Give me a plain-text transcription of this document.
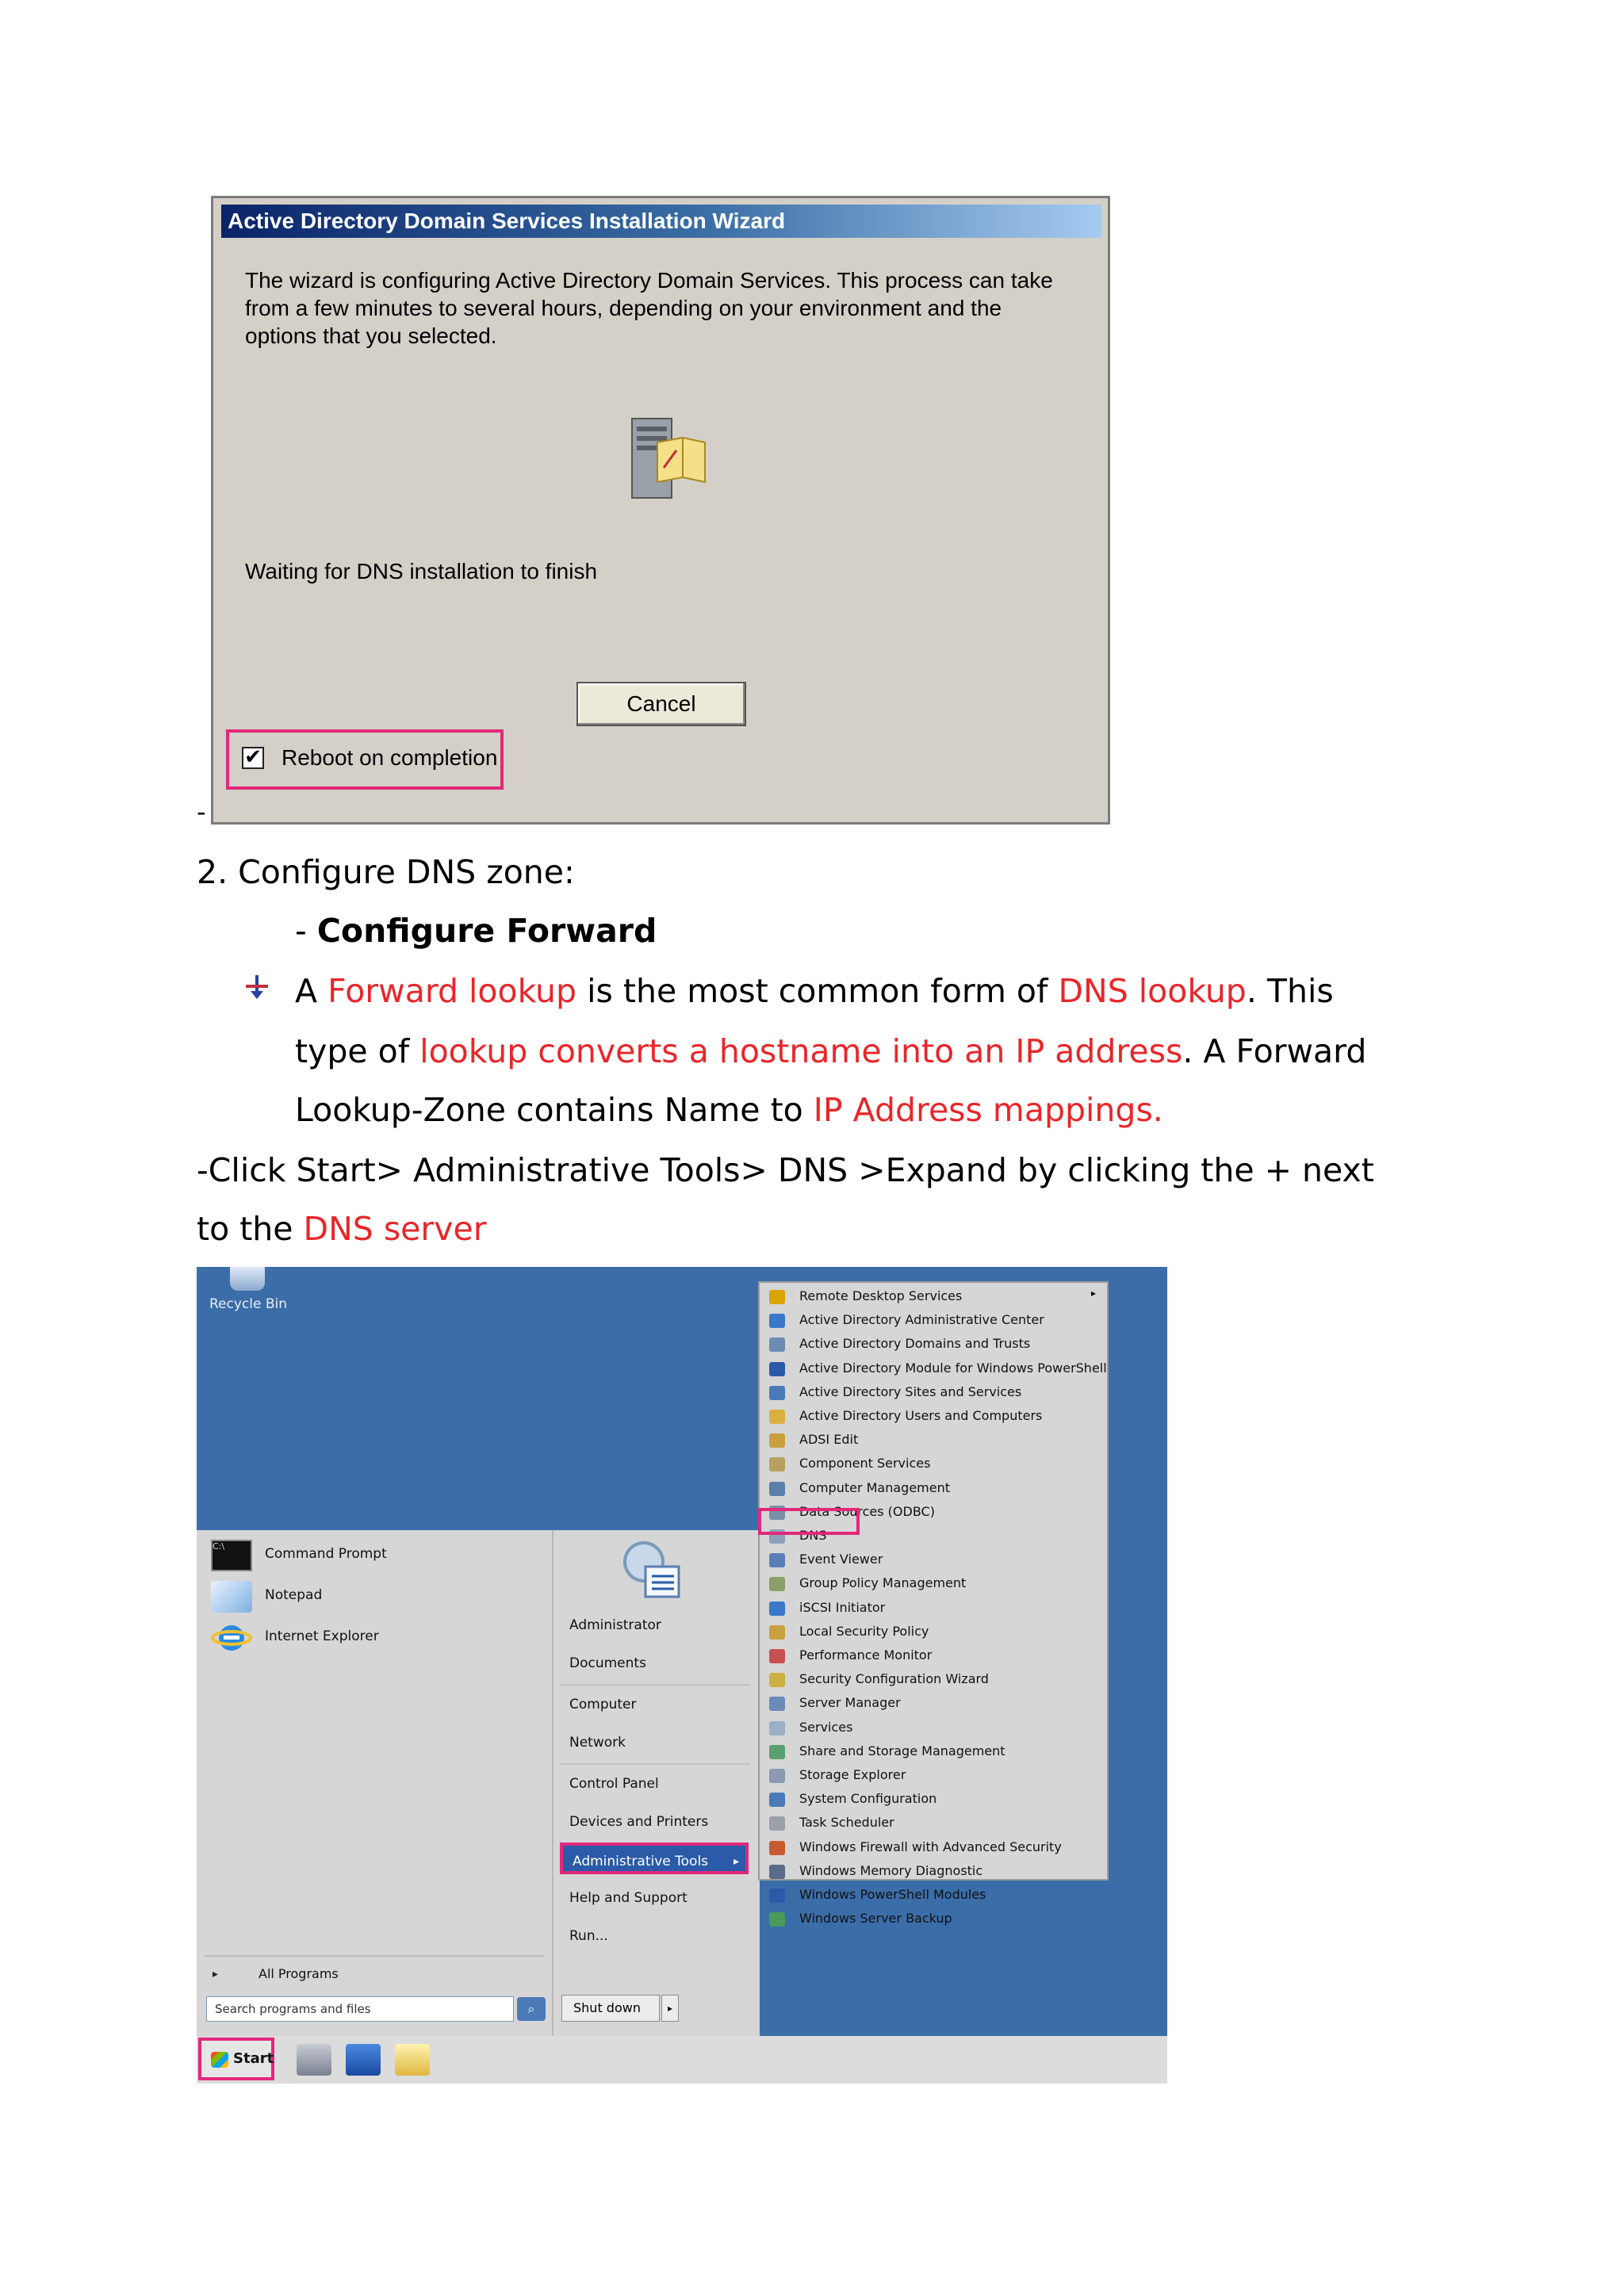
Active Directory Domain Services Installation Wizard
The wizard is configuring Active Directory Domain Services. This process can take from a few minutes to several hours, depending on your environment and the options that you selected.
Waiting for DNS installation to finish
Cancel
✔ Reboot on completion
-
2. Configure DNS zone:
- Configure Forward
A Forward lookup is the most common form of DNS lookup. This
type of lookup converts a hostname into an IP address. A Forward
Lookup-Zone contains Name to IP Address mappings.
-Click Start> Administrative Tools> DNS >Expand by clicking the + next
to the DNS server
Recycle Bin
C:\	Command Prompt
Notepad
Internet Explorer
▸	All Programs
Search programs and files	⌕
Administrator
Documents
Computer
Network
Control Panel
Devices and Printers
Administrative Tools ▸
Help and Support
Run...
Shut down	▸
▸
Remote Desktop Services
Active Directory Administrative Center
Active Directory Domains and Trusts
Active Directory Module for Windows PowerShell
Active Directory Sites and Services
Active Directory Users and Computers
ADSI Edit
Component Services
Computer Management
Data Sources (ODBC)
DNS
Event Viewer
Group Policy Management
iSCSI Initiator
Local Security Policy
Performance Monitor
Security Configuration Wizard
Server Manager
Services
Share and Storage Management
Storage Explorer
System Configuration
Task Scheduler
Windows Firewall with Advanced Security
Windows Memory Diagnostic
Windows PowerShell Modules
Windows Server Backup
Start
